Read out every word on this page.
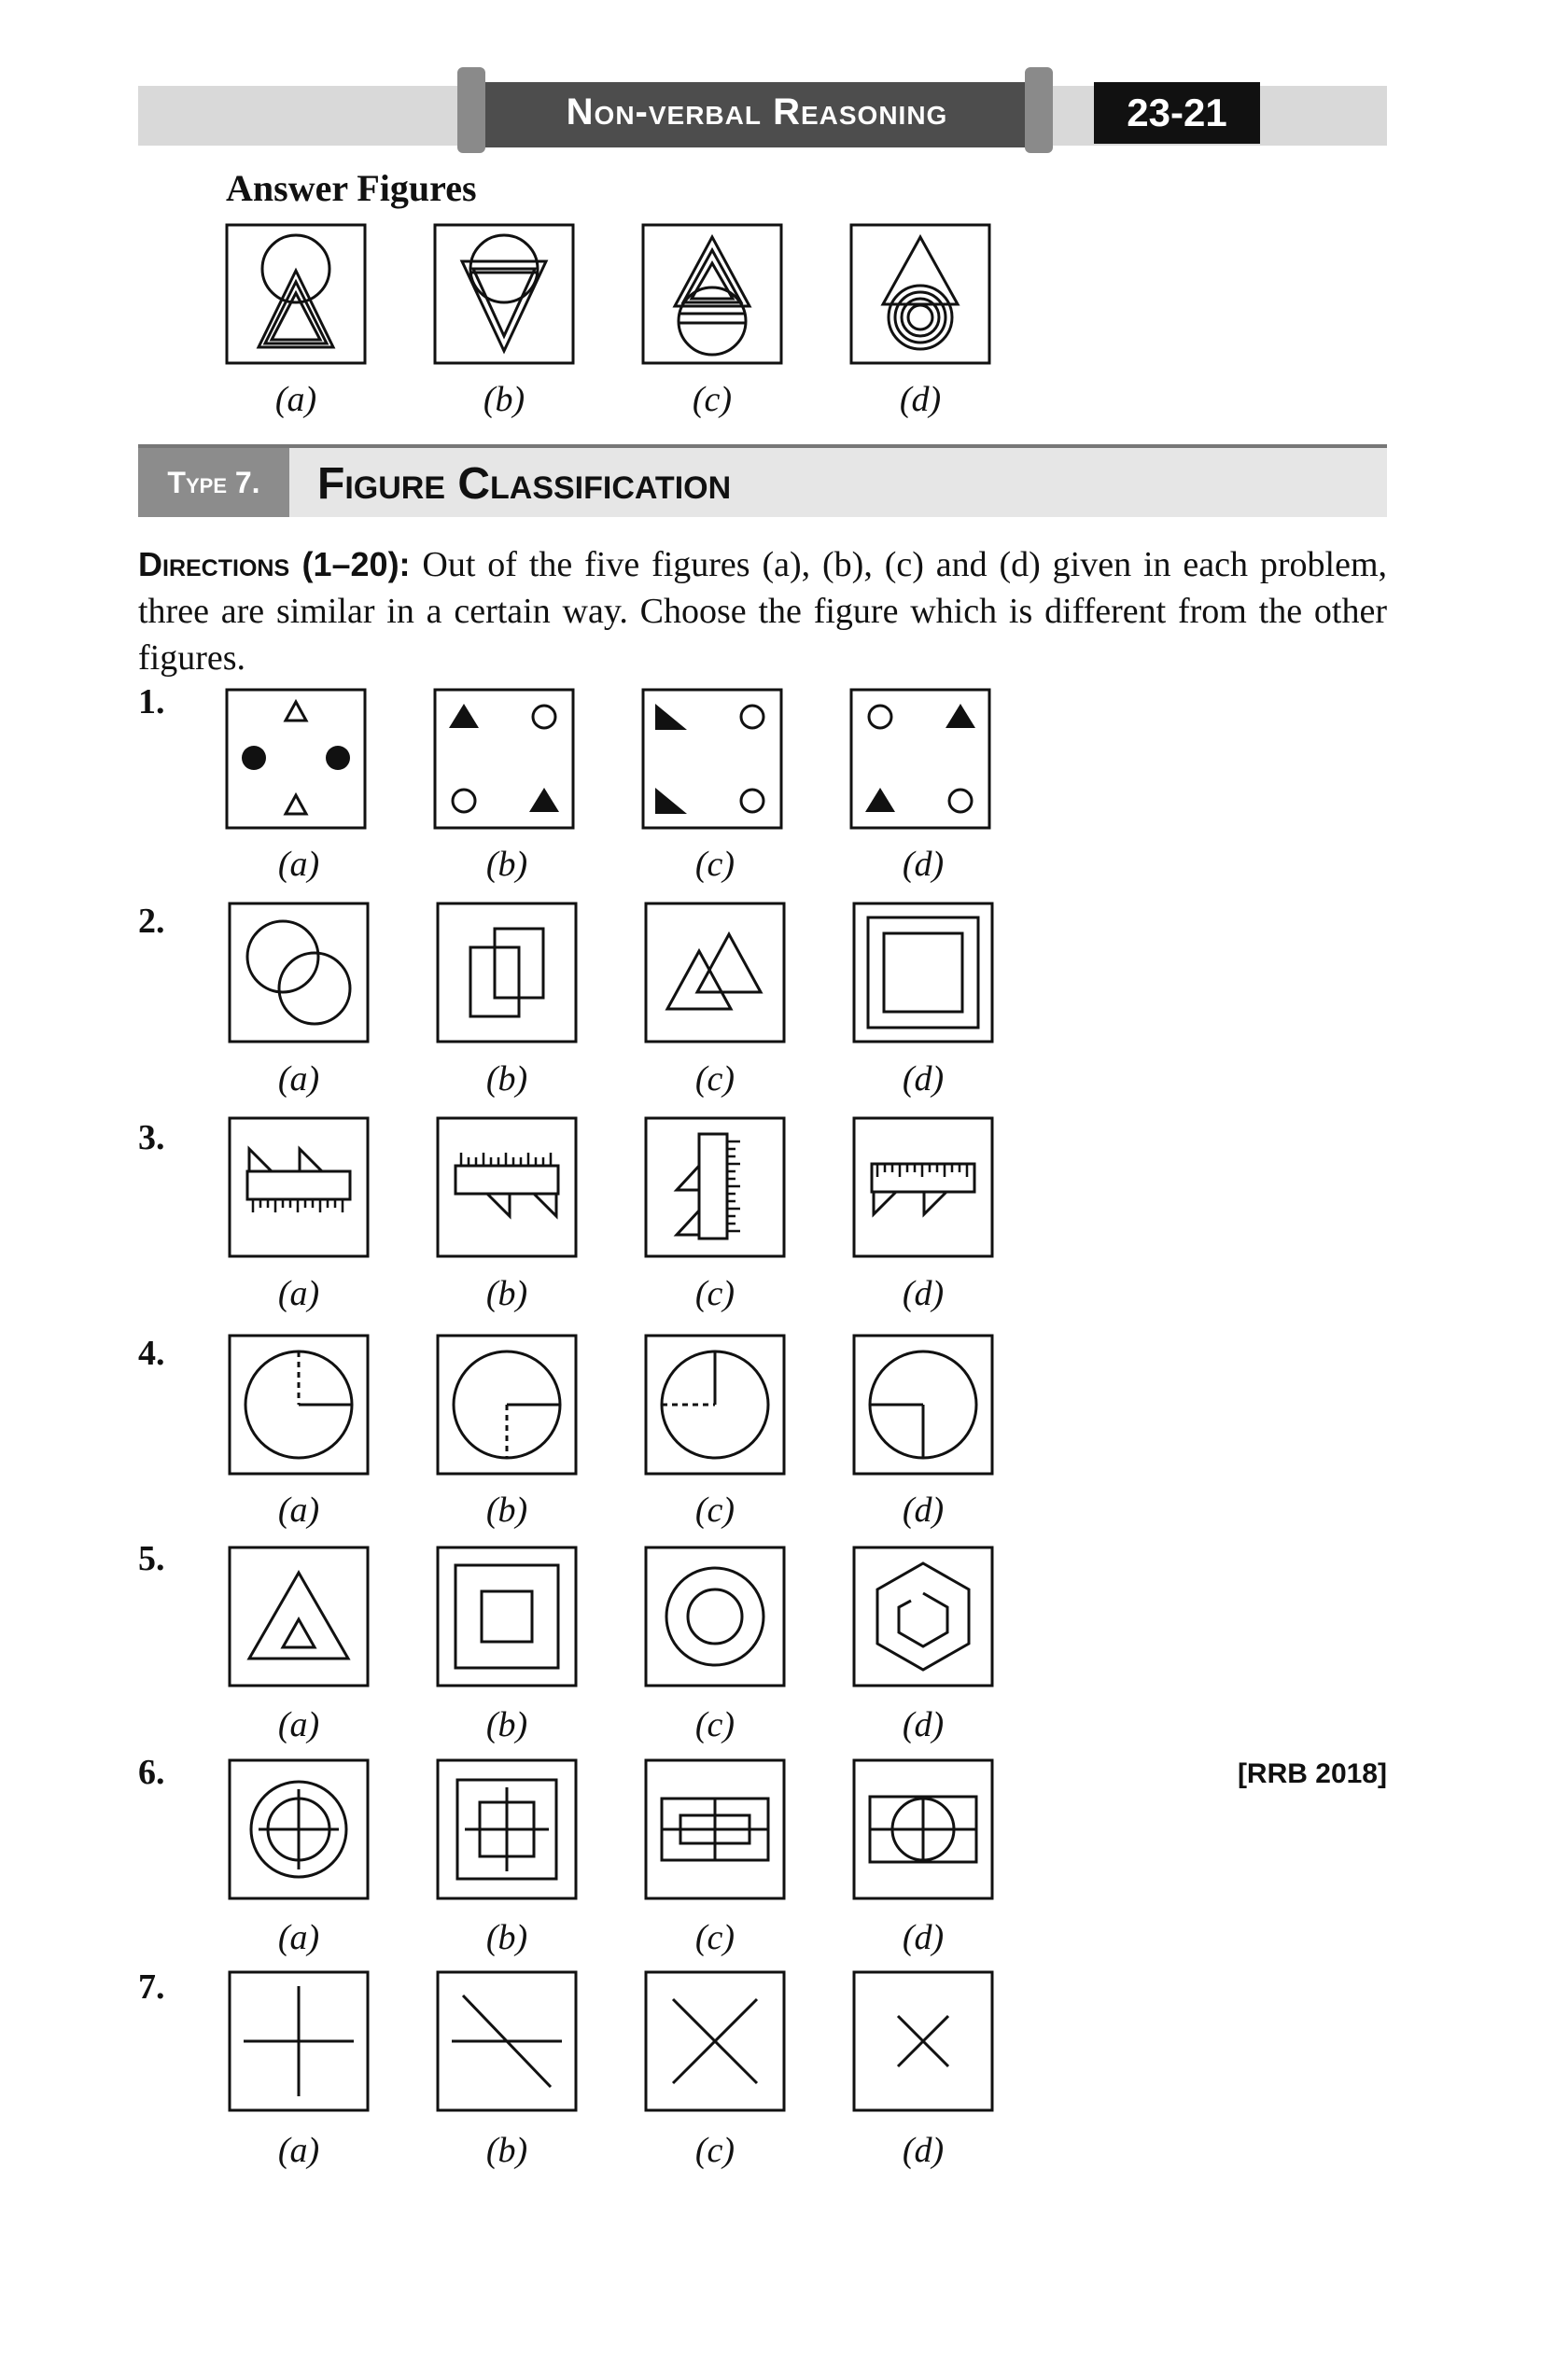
Non-verbal Reasoning	23-21
Answer Figures
(a)	(b)	(c)	(d)
Type 7.	Figure Classification
Directions (1–20): Out of the five figures (a), (b), (c) and (d) given in each problem, three are similar in a certain way. Choose the figure which is different from the other figures.
1.
2.
3.
4.
5.
6.
7.
[RRB 2018]
(a)	(b)	(c)	(d)
(a)	(b)	(c)	(d)
(a)	(b)	(c)	(d)
(a)	(b)	(c)	(d)
(a)	(b)	(c)	(d)
(a)	(b)	(c)	(d)
(a)	(b)	(c)	(d)
